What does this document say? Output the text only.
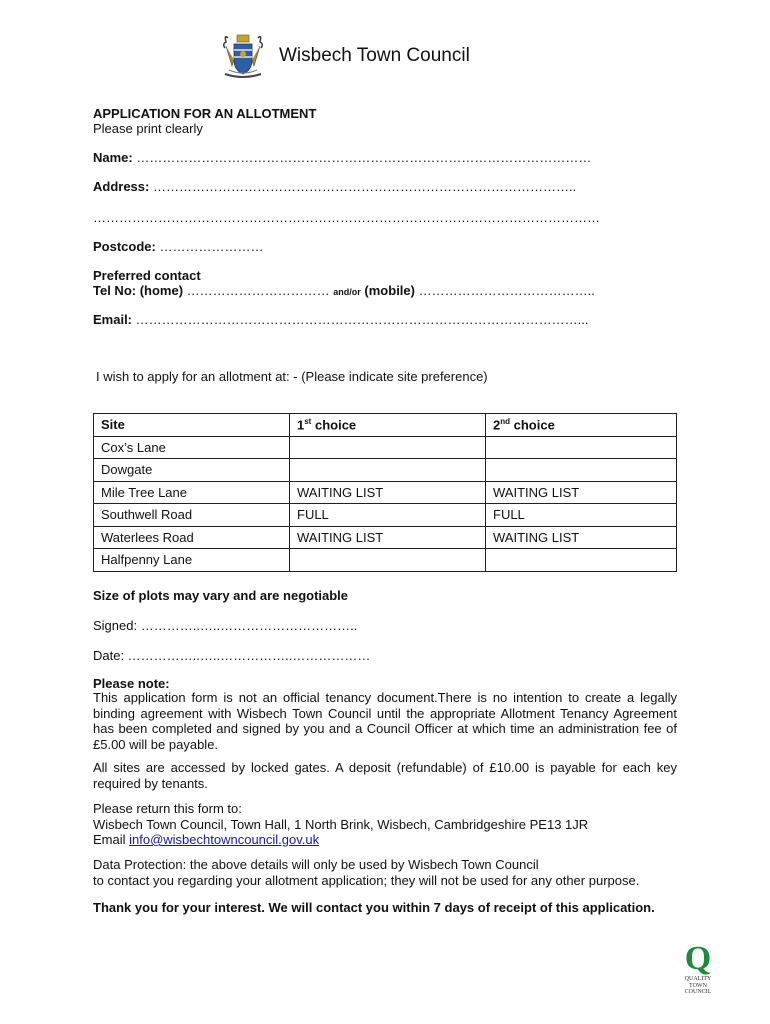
Wisbech Town Council
APPLICATION FOR AN ALLOTMENT
Please print clearly
Name: ……………………………………………………………………………………………
Address: ……………………………………………………………………………………..
………………………………………………………………………………………………………
Postcode: ……………………
Preferred contact
Tel No: (home) …………………………… and/or (mobile) …………………………………..
Email: …………………………………………………………………………………………...
I wish to apply for an allotment at: - (Please indicate site preference)
Site	1st choice	2nd choice
Cox’s Lane		
Dowgate		
Mile Tree Lane	WAITING LIST	WAITING LIST
Southwell Road	FULL	FULL
Waterlees Road	WAITING LIST	WAITING LIST
Halfpenny Lane		
Size of plots may vary and are negotiable
Signed: …………..…..…………………………..
Date: ……………..…..……………..………………
Please note:
This application form is not an official tenancy document.There is no intention to create a legally binding agreement with Wisbech Town Council until the appropriate Allotment Tenancy Agreement has been completed and signed by you and a Council Officer at which time an administration fee of £5.00 will be payable.
All sites are accessed by locked gates. A deposit (refundable) of £10.00 is payable for each key required by tenants.
Please return this form to:
Wisbech Town Council, Town Hall, 1 North Brink, Wisbech, Cambridgeshire PE13 1JR
Email info@wisbechtowncouncil.gov.uk
Data Protection: the above details will only be used by Wisbech Town Council
to contact you regarding your allotment application; they will not be used for any other purpose.
Thank you for your interest. We will contact you within 7 days of receipt of this application.
Q
QUALITY
TOWN
COUNCIL
